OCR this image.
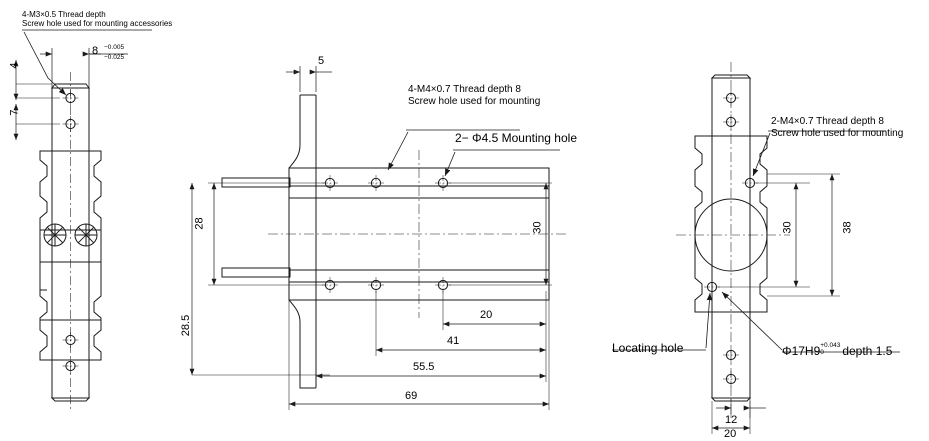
4-M3×0.5 Thread depth
Screw hole used for mounting accessories
8 −0.005
−0.025
4
7
5
4-M4×0.7 Thread depth 8
Screw hole used for mounting
2− Φ4.5 Mounting hole
28
28.5
30
20
41
55.5
69
2-M4×0.7 Thread depth 8
Screw hole used for mounting
30	38
Locating hole	Φ17H9 +0.043
0	depth 1.5
12
20
